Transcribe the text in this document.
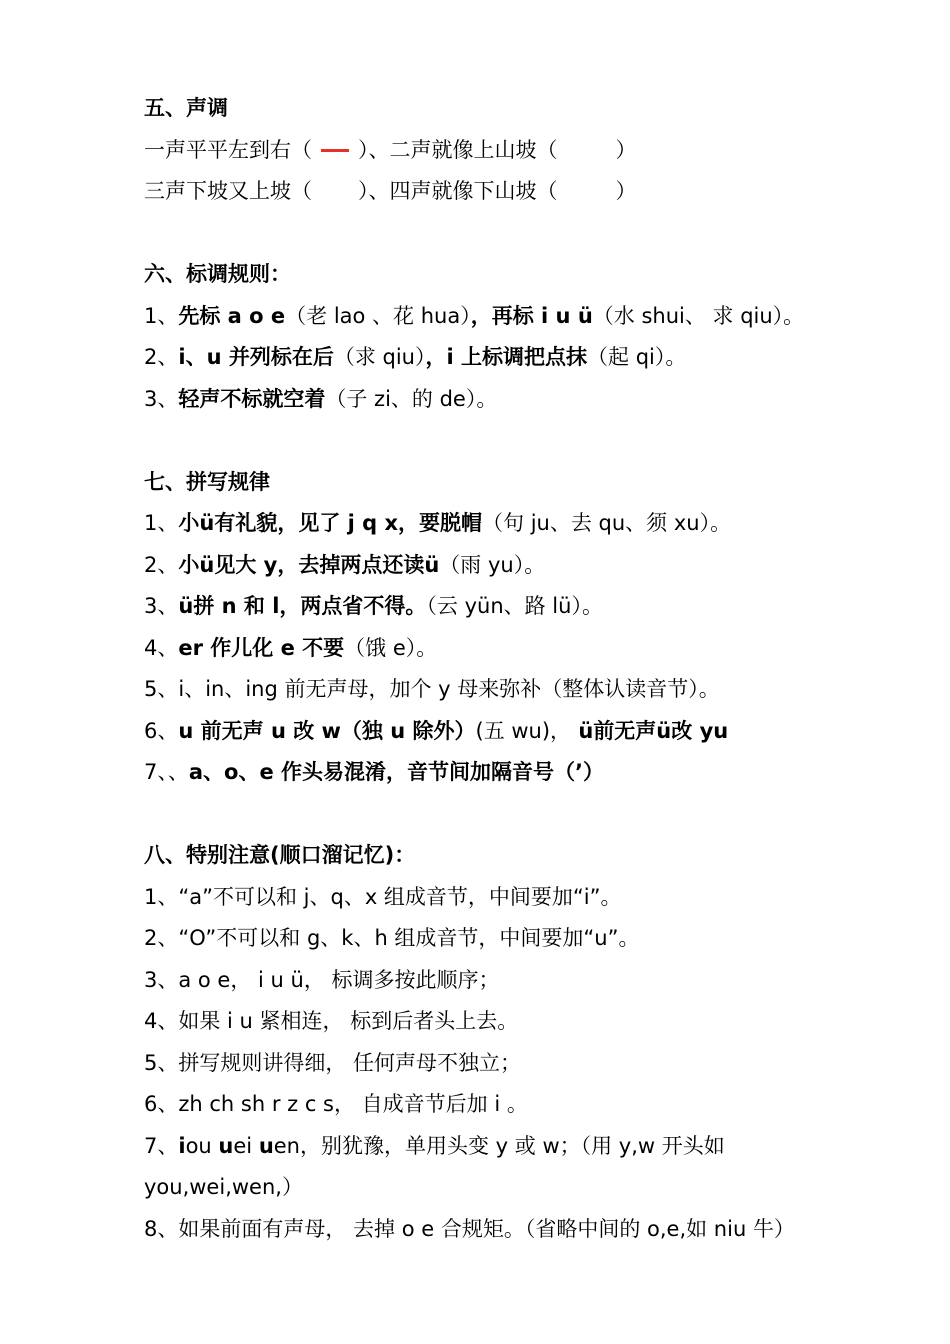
五、声调
一声平平左到右（ ）、二声就像上山坡（	）
三声下坡又上坡（ ）、四声就像下山坡（	）
六、标调规则：
1、先标 a o e（老 lao 、花 hua），再标 i u ü（水 shui、 求 qiu）。
2、i、u 并列标在后（求 qiu），i 上标调把点抹（起 qi）。
3、轻声不标就空着（子 zi、的 de）。
七、拼写规律
1、小ü有礼貌，见了 j q x，要脱帽（句 ju、去 qu、须 xu）。
2、小ü见大 y，去掉两点还读ü（雨 yu）。
3、ü拼 n 和 l，两点省不得。（云 yün、路 lü）。
4、er 作儿化 e 不要（饿 e）。
5、i、in、ing 前无声母，加个 y 母来弥补（整体认读音节）。
6、u 前无声 u 改 w（独 u 除外）(五 wu)， ü前无声ü改 yu
7、、a、o、e 作头易混淆，音节间加隔音号（’）
八、特别注意(顺口溜记忆)：
1、“a”不可以和 j、q、x 组成音节，中间要加“i”。
2、“O”不可以和 g、k、h 组成音节，中间要加“u”。
3、a o e， i u ü， 标调多按此顺序；
4、如果 i u 紧相连， 标到后者头上去。
5、拼写规则讲得细， 任何声母不独立；
6、zh ch sh r z c s， 自成音节后加 i 。
7、iou uei uen，别犹豫，单用头变 y 或 w；（用 y,w 开头如
you,wei,wen,）
8、如果前面有声母， 去掉 o e 合规矩。（省略中间的 o,e,如 niu 牛）
